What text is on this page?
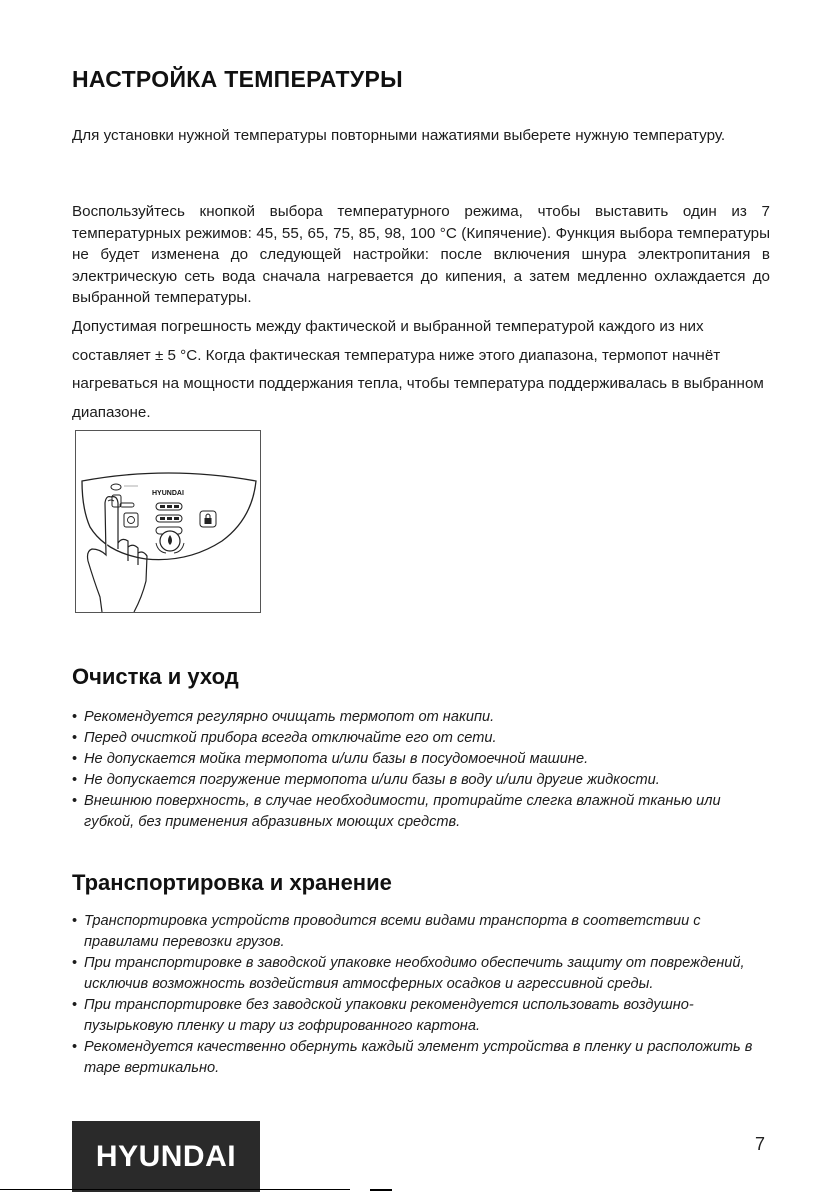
НАСТРОЙКА ТЕМПЕРАТУРЫ

Для установки нужной температуры повторными нажатиями выберете нужную температуру.

Воспользуйтесь кнопкой выбора температурного режима, чтобы выставить один из 7 температурных режимов: 45, 55, 65, 75, 85, 98, 100 °C (Кипячение). Функция выбора температуры не будет изменена до следующей настройки: после включения шнура электропитания в электрическую сеть вода сначала нагревается до кипения, а затем медленно охлаждается до выбранной температуры.

Допустимая погрешность между фактической и выбранной температурой каждого из них составляет ± 5 °C. Когда фактическая температура ниже этого диапазона, термопот начнёт нагреваться на мощности поддержания тепла, чтобы температура поддерживалась в выбранном диапазоне.

HYUNDAI
Очистка и уход
• Рекомендуется регулярно очищать термопот от накипи.
• Перед очисткой прибора всегда отключайте его от сети.
• Не допускается мойка термопота и/или базы в посудомоечной машине.
• Не допускается погружение термопота и/или базы в воду и/или другие жидкости.
• Внешнюю поверхность, в случае необходимости, протирайте слегка влажной тканью или губкой, без применения абразивных моющих средств.
Транспортировка и хранение
• Транспортировка устройств проводится всеми видами транспорта в соответствии с правилами перевозки грузов.
• При транспортировке в заводской упаковке необходимо обеспечить защиту от повреждений, исключив возможность воздействия атмосферных осадков и агрессивной среды.
• При транспортировке без заводской упаковки рекомендуется использовать воздушно-пузырьковую пленку и тару из гофрированного картона.
• Рекомендуется качественно обернуть каждый элемент устройства в пленку и расположить в таре вертикально.
HYUNDAI	7
